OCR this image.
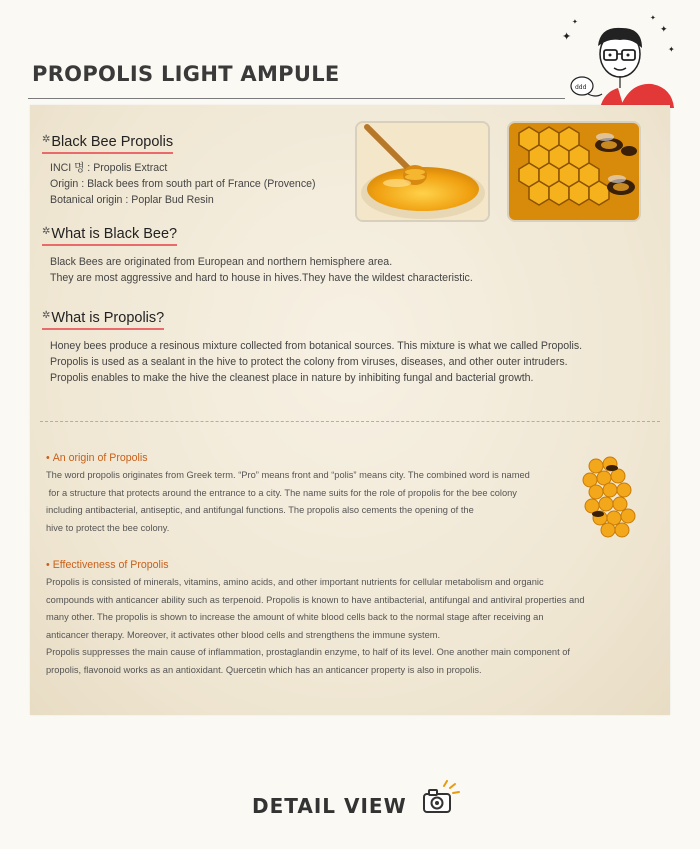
PROPOLIS LIGHT AMPULE
✦	✦
✦
✦	✦
ddd
✲Black Bee Propolis
INCI 명 : Propolis Extract
Origin : Black bees from south part of France (Provence)
Botanical origin : Poplar Bud Resin
✲What is Black Bee?
Black Bees are originated from European and northern hemisphere area.
They are most aggressive and hard to house in hives.They have the wildest characteristic.
✲What is Propolis?
Honey bees produce a resinous mixture collected from botanical sources. This mixture is what we called Propolis.
Propolis is used as a sealant in the hive to protect the colony from viruses, diseases, and other outer intruders.
Propolis enables to make the hive the cleanest place in nature by inhibiting fungal and bacterial growth.
• An origin of Propolis
The word propolis originates from Greek term. “Pro” means front and “polis” means city. The combined word is named
for a structure that protects around the entrance to a city. The name suits for the role of propolis for the bee colony
including antibacterial, antiseptic, and antifungal functions. The propolis also cements the opening of the
hive to protect the bee colony.
• Effectiveness of Propolis
Propolis is consisted of minerals, vitamins, amino acids, and other important nutrients for cellular metabolism and organic
compounds with anticancer ability such as terpenoid. Propolis is known to have antibacterial, antifungal and antiviral properties and
many other. The propolis is shown to increase the amount of white blood cells back to the normal stage after receiving an
anticancer therapy. Moreover, it activates other blood cells and strengthens the immune system.
Propolis suppresses the main cause of inflammation, prostaglandin enzyme, to half of its level. One another main component of
propolis, flavonoid works as an antioxidant. Quercetin which has an anticancer property is also in propolis.
DETAIL VIEW
